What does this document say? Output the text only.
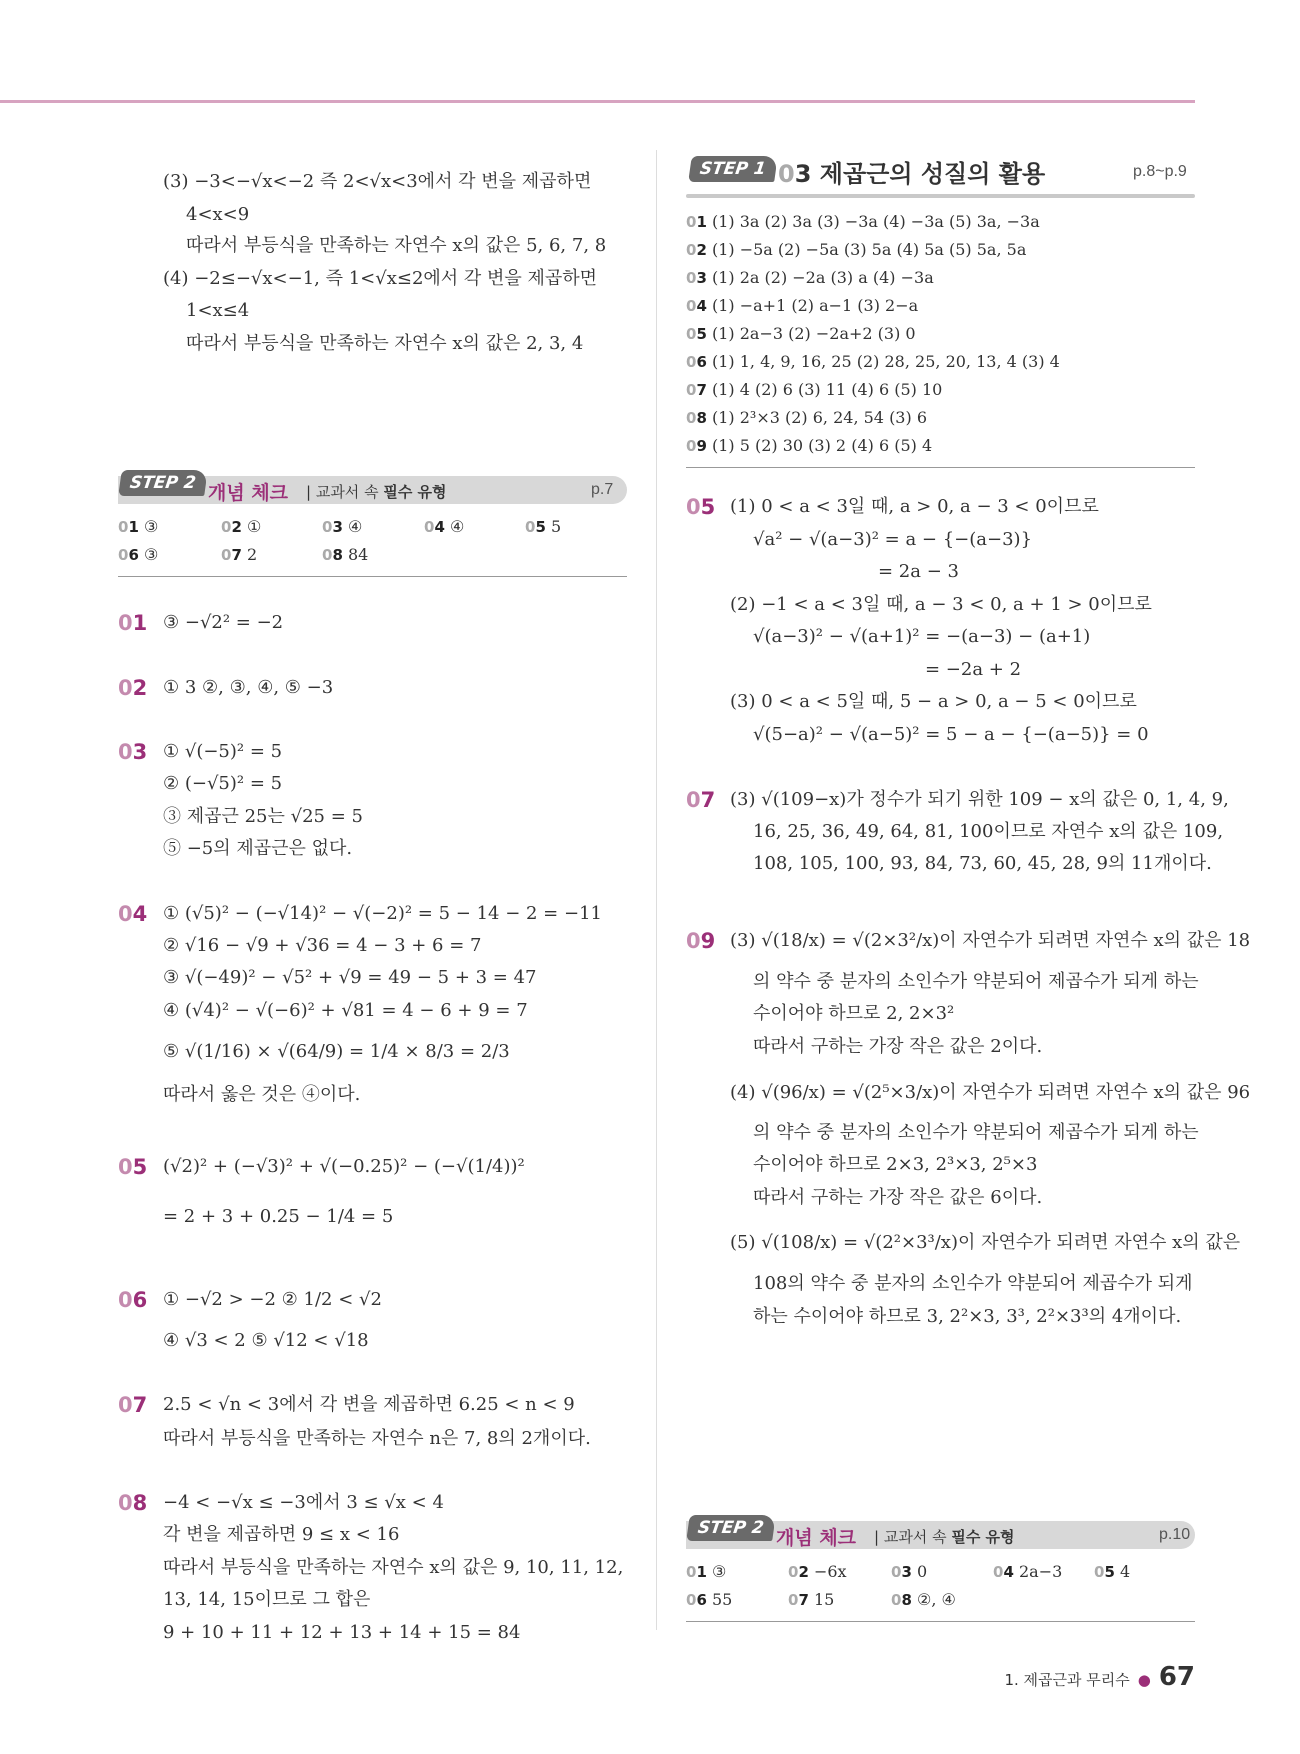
(3) −3<−√x<−2 즉 2<√x<3에서 각 변을 제곱하면
4<x<9
따라서 부등식을 만족하는 자연수 x의 값은 5, 6, 7, 8
(4) −2≤−√x<−1, 즉 1<√x≤2에서 각 변을 제곱하면
1<x≤4
따라서 부등식을 만족하는 자연수 x의 값은 2, 3, 4
STEP 2 개념 체크 | 교과서 속 필수 유형	p.7
01 ③	02 ①	03 ④	04 ④	05 5
06 ③	07 2	08 84
01 ③ −√2² = −2
02 ① 3 ②, ③, ④, ⑤ −3
03 ① √(−5)² = 5
② (−√5)² = 5
③ 제곱근 25는 √25 = 5
⑤ −5의 제곱근은 없다.
04 ① (√5)² − (−√14)² − √(−2)² = 5 − 14 − 2 = −11
② √16 − √9 + √36 = 4 − 3 + 6 = 7
③ √(−49)² − √5² + √9 = 49 − 5 + 3 = 47
④ (√4)² − √(−6)² + √81 = 4 − 6 + 9 = 7
⑤ √(1/16) × √(64/9) = 1/4 × 8/3 = 2/3
따라서 옳은 것은 ④이다.
05 (√2)² + (−√3)² + √(−0.25)² − (−√(1/4))²
= 2 + 3 + 0.25 − 1/4 = 5
06 ① −√2 > −2 ② 1/2 < √2
④ √3 < 2 ⑤ √12 < √18
07 2.5 < √n < 3에서 각 변을 제곱하면 6.25 < n < 9
따라서 부등식을 만족하는 자연수 n은 7, 8의 2개이다.
08 −4 < −√x ≤ −3에서 3 ≤ √x < 4
각 변을 제곱하면 9 ≤ x < 16
따라서 부등식을 만족하는 자연수 x의 값은 9, 10, 11, 12,
13, 14, 15이므로 그 합은
9 + 10 + 11 + 12 + 13 + 14 + 15 = 84
STEP 1 03 제곱근의 성질의 활용	p.8~p.9
01 (1) 3a (2) 3a (3) −3a (4) −3a (5) 3a, −3a
02 (1) −5a (2) −5a (3) 5a (4) 5a (5) 5a, 5a
03 (1) 2a (2) −2a (3) a (4) −3a
04 (1) −a+1 (2) a−1 (3) 2−a
05 (1) 2a−3 (2) −2a+2 (3) 0
06 (1) 1, 4, 9, 16, 25 (2) 28, 25, 20, 13, 4 (3) 4
07 (1) 4 (2) 6 (3) 11 (4) 6 (5) 10
08 (1) 2³×3 (2) 6, 24, 54 (3) 6
09 (1) 5 (2) 30 (3) 2 (4) 6 (5) 4
05 (1) 0 < a < 3일 때, a > 0, a − 3 < 0이므로
√a² − √(a−3)² = a − {−(a−3)}
= 2a − 3
(2) −1 < a < 3일 때, a − 3 < 0, a + 1 > 0이므로
√(a−3)² − √(a+1)² = −(a−3) − (a+1)
= −2a + 2
(3) 0 < a < 5일 때, 5 − a > 0, a − 5 < 0이므로
√(5−a)² − √(a−5)² = 5 − a − {−(a−5)} = 0
07 (3) √(109−x)가 정수가 되기 위한 109 − x의 값은 0, 1, 4, 9,
16, 25, 36, 49, 64, 81, 100이므로 자연수 x의 값은 109,
108, 105, 100, 93, 84, 73, 60, 45, 28, 9의 11개이다.
09 (3) √(18/x) = √(2×3²/x)이 자연수가 되려면 자연수 x의 값은 18
의 약수 중 분자의 소인수가 약분되어 제곱수가 되게 하는
수이어야 하므로 2, 2×3²
따라서 구하는 가장 작은 값은 2이다.
(4) √(96/x) = √(2⁵×3/x)이 자연수가 되려면 자연수 x의 값은 96
의 약수 중 분자의 소인수가 약분되어 제곱수가 되게 하는
수이어야 하므로 2×3, 2³×3, 2⁵×3
따라서 구하는 가장 작은 값은 6이다.
(5) √(108/x) = √(2²×3³/x)이 자연수가 되려면 자연수 x의 값은
108의 약수 중 분자의 소인수가 약분되어 제곱수가 되게
하는 수이어야 하므로 3, 2²×3, 3³, 2²×3³의 4개이다.
STEP 2 개념 체크 | 교과서 속 필수 유형	p.10
01 ③	02 −6x	03 0	04 2a−3 05 4
06 55	07 15	08 ②, ④
1. 제곱근과 무리수 ● 67
